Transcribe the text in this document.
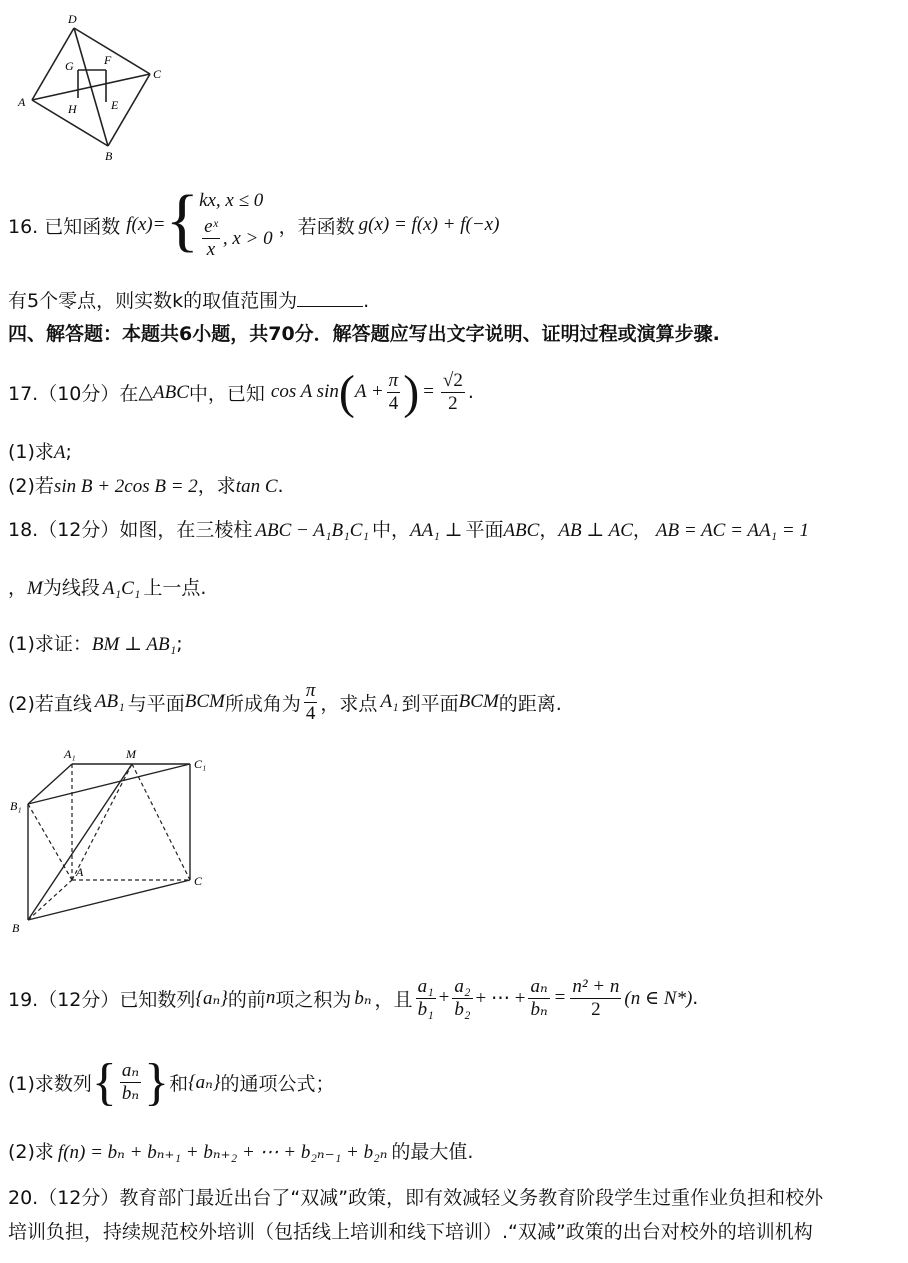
D
G	F
C
A	H	E
B
16. 已知函数 f(x)= { kx, x ≤ 0
$\frac{\text{eˣ}}{x}$ , x > 0
，若函数 g(x) = f(x) + f(−x)
有5个零点，则实数k的取值范围为	.
四、解答题：本题共6小题，共70分．解答题应写出文字说明、证明过程或演算步骤.
17.（10分）在 △ABC 中，已知 cos A sin ( $A + \frac{\pi}{4}$ ) = $\frac{√2}{2}$ .
(1)求A;
(2)若sin B + 2cos B = 2，求tan C.
18.（12分）如图，在三棱柱 ABC − A₁B₁C₁ 中，AA₁ ⊥ 平面ABC，AB ⊥ AC， AB = AC = AA₁ = 1
，M为线段 A₁C₁ 上一点.
(1)求证：BM ⊥ AB₁;
(2)若直线 AB₁ 与平面 BCM 所成角为 $\frac{\pi}{4}$ ，求点 A₁ 到平面 BCM 的距离.
A₁	M
C₁
B₁
A
C
B
19.（12分）已知数列 {aₙ} 的前 n 项之积为 bₙ ，且 $\frac{\text{a₁}}{\text{b₁}} + \frac{\text{a₂}}{\text{b₂}}$ + ⋯ + $\frac{\text{aₙ}}{\text{bₙ}} = \frac{\text{n² + n}}{2} (n$ ∈ N*) .
(1)求数列 { $\frac{\text{aₙ}}{\text{bₙ}}$ } 和 {aₙ} 的通项公式；
(2)求 f(n) = bₙ + bₙ₊₁ + bₙ₊₂ + ⋯ + b₂ₙ₋₁ + b₂ₙ 的最大值.
20.（12分）教育部门最近出台了“双减”政策，即有效减轻义务教育阶段学生过重作业负担和校外
培训负担，持续规范校外培训（包括线上培训和线下培训）.“双减”政策的出台对校外的培训机构
